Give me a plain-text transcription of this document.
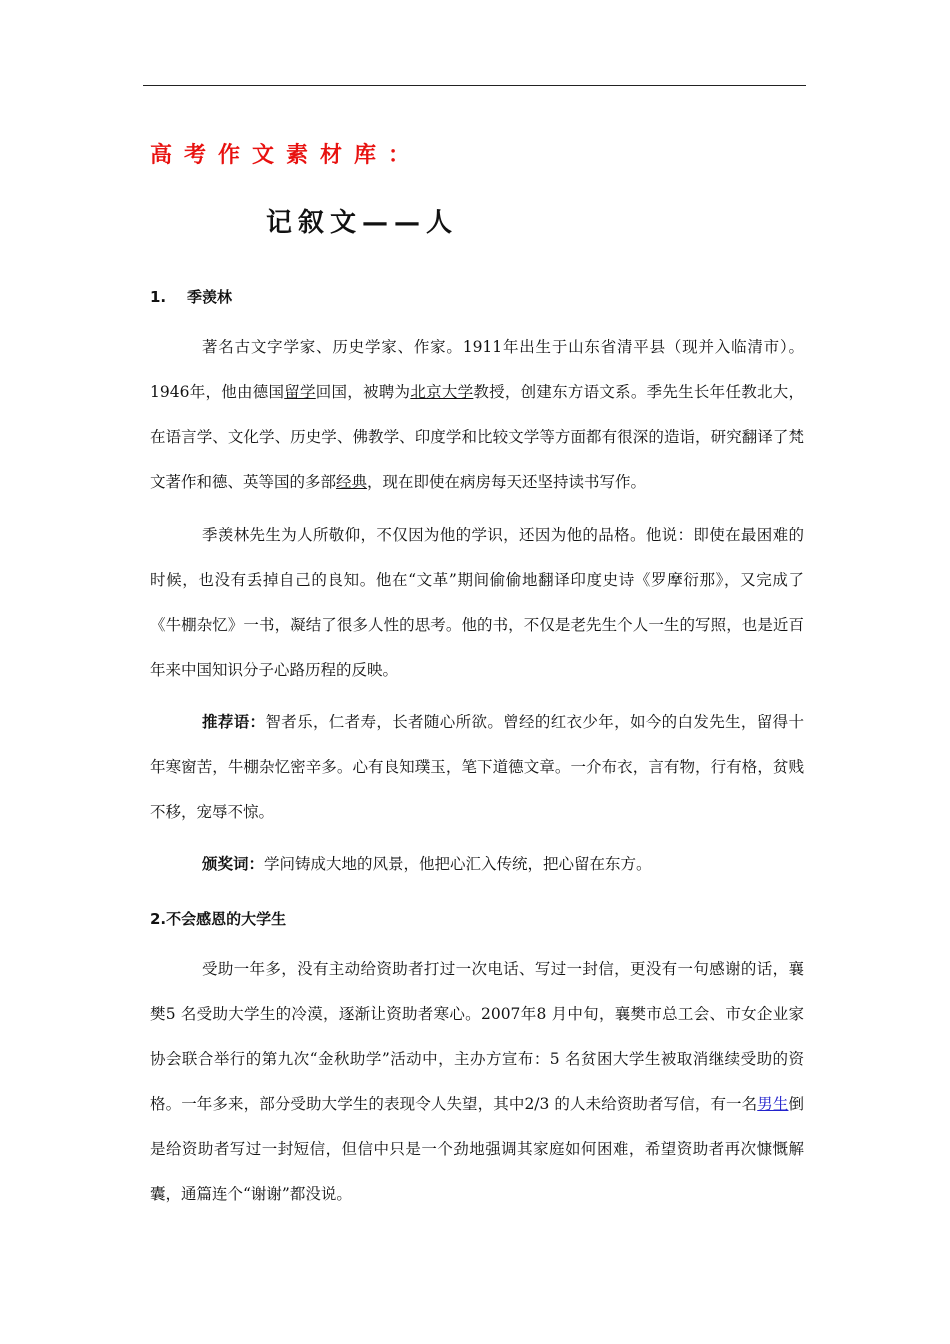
高考作文素材库：
记叙文——人
1.    季羡林

著名古文字学家、历史学家、作家。1911年出生于山东省清平县（现并入临清市）。1946年，他由德国留学回国，被聘为北京大学教授，创建东方语文系。季先生长年任教北大，在语言学、文化学、历史学、佛教学、印度学和比较文学等方面都有很深的造诣，研究翻译了梵文著作和德、英等国的多部经典，现在即使在病房每天还坚持读书写作。

季羡林先生为人所敬仰，不仅因为他的学识，还因为他的品格。他说：即使在最困难的时候，也没有丢掉自己的良知。他在“文革”期间偷偷地翻译印度史诗《罗摩衍那》，又完成了《牛棚杂忆》一书，凝结了很多人性的思考。他的书，不仅是老先生个人一生的写照，也是近百年来中国知识分子心路历程的反映。

推荐语：智者乐，仁者寿，长者随心所欲。曾经的红衣少年，如今的白发先生，留得十年寒窗苦，牛棚杂忆密辛多。心有良知璞玉，笔下道德文章。一介布衣，言有物，行有格，贫贱不移，宠辱不惊。

颁奖词：学问铸成大地的风景，他把心汇入传统，把心留在东方。

2.不会感恩的大学生

受助一年多，没有主动给资助者打过一次电话、写过一封信，更没有一句感谢的话，襄樊5 名受助大学生的冷漠，逐渐让资助者寒心。2007年8 月中旬，襄樊市总工会、市女企业家协会联合举行的第九次“金秋助学”活动中，主办方宣布：5 名贫困大学生被取消继续受助的资格。一年多来，部分受助大学生的表现令人失望，其中2/3 的人未给资助者写信，有一名男生倒是给资助者写过一封短信，但信中只是一个劲地强调其家庭如何困难，希望资助者再次慷慨解囊，通篇连个“谢谢”都没说。
